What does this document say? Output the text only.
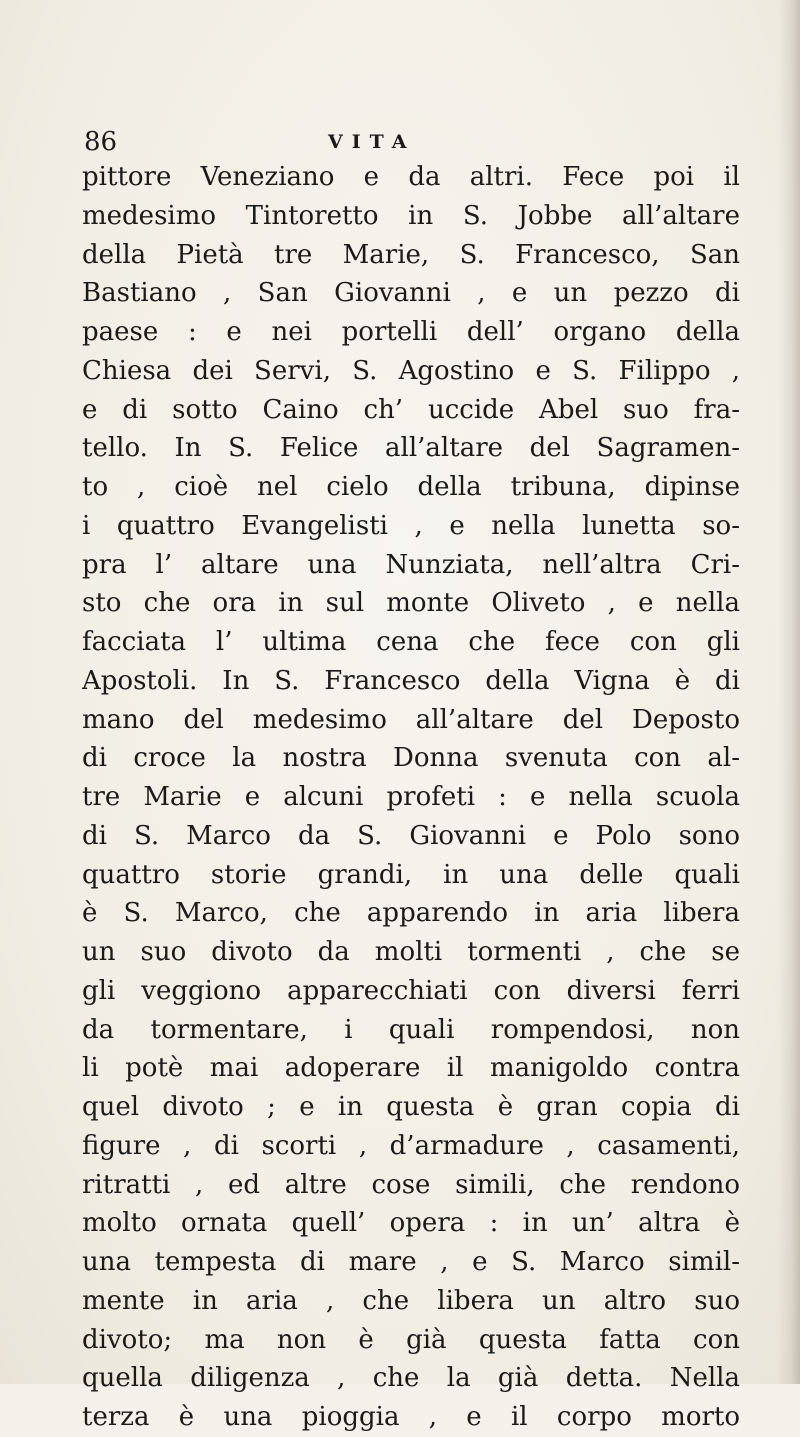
86	VITA
pittore Veneziano e da altri. Fece poi il
medesimo Tintoretto in S. Jobbe all’altare
della Pietà tre Marie, S. Francesco, San
Bastiano , San Giovanni , e un pezzo di
paese : e nei portelli dell’ organo della
Chiesa dei Servi, S. Agostino e S. Filippo ,
e di sotto Caino ch’ uccide Abel suo fra-
tello. In S. Felice all’altare del Sagramen-
to , cioè nel cielo della tribuna, dipinse
i quattro Evangelisti , e nella lunetta so-
pra l’ altare una Nunziata, nell’altra Cri-
sto che ora in sul monte Oliveto , e nella
facciata l’ ultima cena che fece con gli
Apostoli. In S. Francesco della Vigna è di
mano del medesimo all’altare del Deposto
di croce la nostra Donna svenuta con al-
tre Marie e alcuni profeti : e nella scuola
di S. Marco da S. Giovanni e Polo sono
quattro storie grandi, in una delle quali
è S. Marco, che apparendo in aria libera
un suo divoto da molti tormenti , che se
gli veggiono apparecchiati con diversi ferri
da tormentare, i quali rompendosi, non
li potè mai adoperare il manigoldo contra
quel divoto ; e in questa è gran copia di
figure , di scorti , d’armadure , casamenti,
ritratti , ed altre cose simili, che rendono
molto ornata quell’ opera : in un’ altra è
una tempesta di mare , e S. Marco simil-
mente in aria , che libera un altro suo
divoto; ma non è già questa fatta con
quella diligenza , che la già detta. Nella
terza è una pioggia , e il corpo morto
